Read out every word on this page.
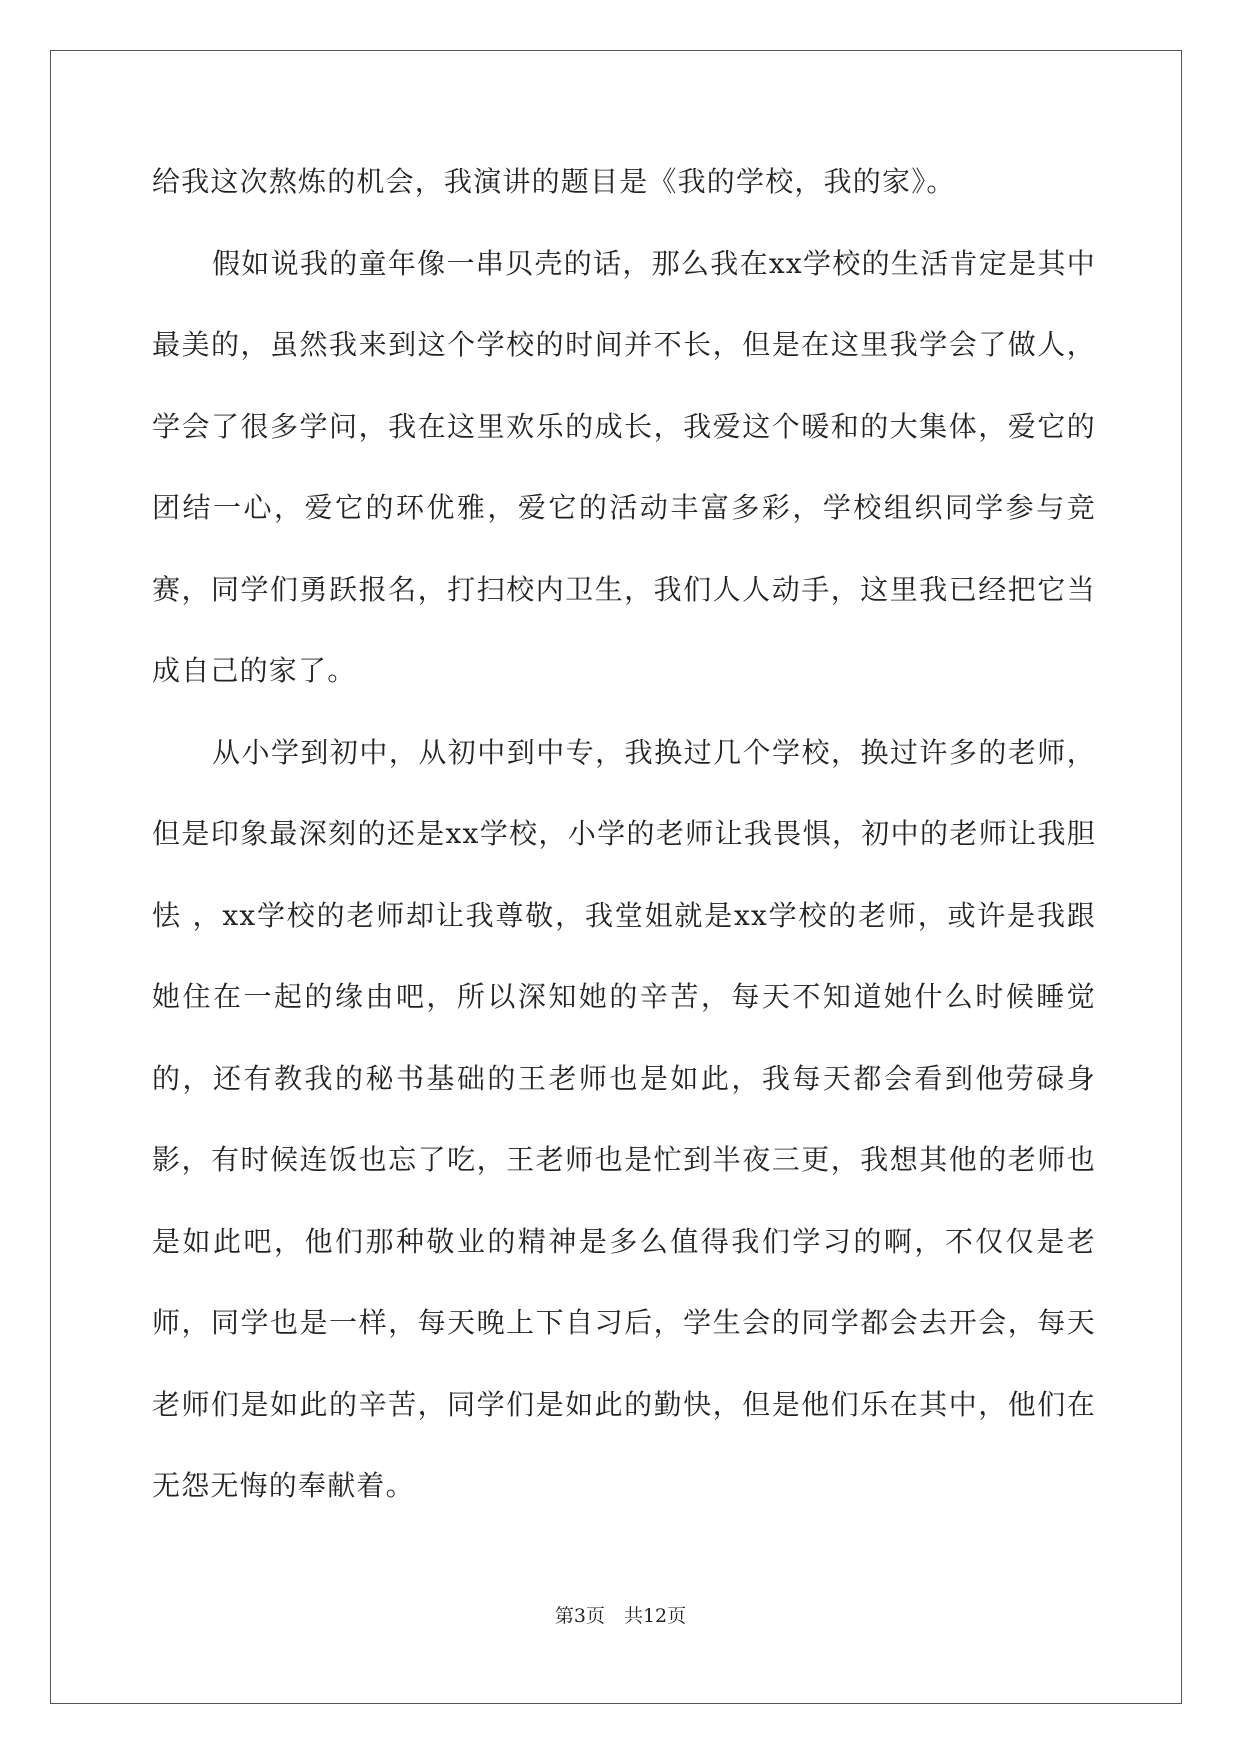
给我这次熬炼的机会，我演讲的题目是《我的学校，我的家》。

假如说我的童年像一串贝壳的话，那么我在xx学校的生活肯定是其中最美的，虽然我来到这个学校的时间并不长，但是在这里我学会了做人，学会了很多学问，我在这里欢乐的成长，我爱这个暖和的大集体，爱它的团结一心，爱它的环优雅，爱它的活动丰富多彩，学校组织同学参与竞赛，同学们勇跃报名，打扫校内卫生，我们人人动手，这里我已经把它当成自己的家了。

从小学到初中，从初中到中专，我换过几个学校，换过许多的老师，但是印象最深刻的还是xx学校，小学的老师让我畏惧，初中的老师让我胆怯 ，xx学校的老师却让我尊敬，我堂姐就是xx学校的老师，或许是我跟她住在一起的缘由吧，所以深知她的辛苦，每天不知道她什么时候睡觉的，还有教我的秘书基础的王老师也是如此，我每天都会看到他劳碌身影，有时候连饭也忘了吃，王老师也是忙到半夜三更，我想其他的老师也是如此吧，他们那种敬业的精神是多么值得我们学习的啊，不仅仅是老师，同学也是一样，每天晚上下自习后，学生会的同学都会去开会，每天老师们是如此的辛苦，同学们是如此的勤快，但是他们乐在其中，他们在无怨无悔的奉献着。

第3页　共12页
